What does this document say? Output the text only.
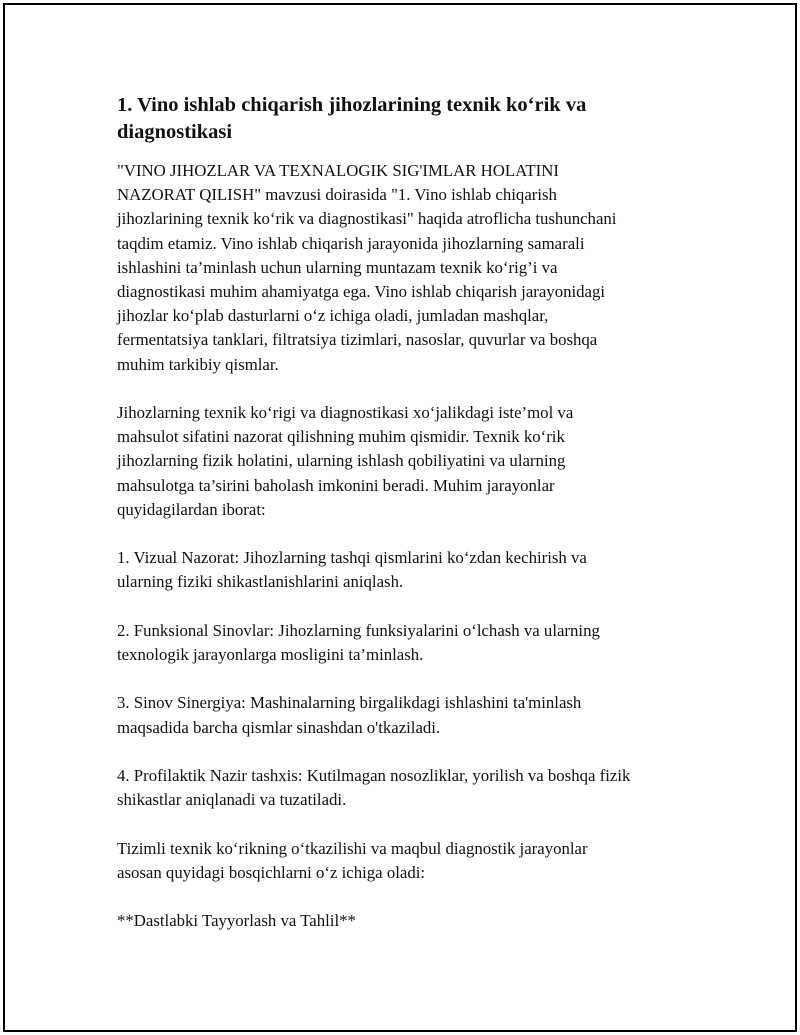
1. Vino ishlab chiqarish jihozlarining texnik ko‘rik va
diagnostikasi

"VINO JIHOZLAR VA TEXNALOGIK SIG'IMLAR HOLATINI
NAZORAT QILISH" mavzusi doirasida "1. Vino ishlab chiqarish
jihozlarining texnik ko‘rik va diagnostikasi" haqida atroflicha tushunchani
taqdim etamiz. Vino ishlab chiqarish jarayonida jihozlarning samarali
ishlashini ta’minlash uchun ularning muntazam texnik ko‘rig’i va
diagnostikasi muhim ahamiyatga ega. Vino ishlab chiqarish jarayonidagi
jihozlar ko‘plab dasturlarni o‘z ichiga oladi, jumladan mashqlar,
fermentatsiya tanklari, filtratsiya tizimlari, nasoslar, quvurlar va boshqa
muhim tarkibiy qismlar.

Jihozlarning texnik ko‘rigi va diagnostikasi xo‘jalikdagi iste’mol va
mahsulot sifatini nazorat qilishning muhim qismidir. Texnik ko‘rik
jihozlarning fizik holatini, ularning ishlash qobiliyatini va ularning
mahsulotga ta’sirini baholash imkonini beradi. Muhim jarayonlar
quyidagilardan iborat:

1. Vizual Nazorat: Jihozlarning tashqi qismlarini ko‘zdan kechirish va
ularning fiziki shikastlanishlarini aniqlash.

2. Funksional Sinovlar: Jihozlarning funksiyalarini o‘lchash va ularning
texnologik jarayonlarga mosligini ta’minlash.

3. Sinov Sinergiya: Mashinalarning birgalikdagi ishlashini ta'minlash
maqsadida barcha qismlar sinashdan o'tkaziladi.

4. Profilaktik Nazir tashxis: Kutilmagan nosozliklar, yorilish va boshqa fizik
shikastlar aniqlanadi va tuzatiladi.

Tizimli texnik ko‘rikning o‘tkazilishi va maqbul diagnostik jarayonlar
asosan quyidagi bosqichlarni o‘z ichiga oladi:

**Dastlabki Tayyorlash va Tahlil**
